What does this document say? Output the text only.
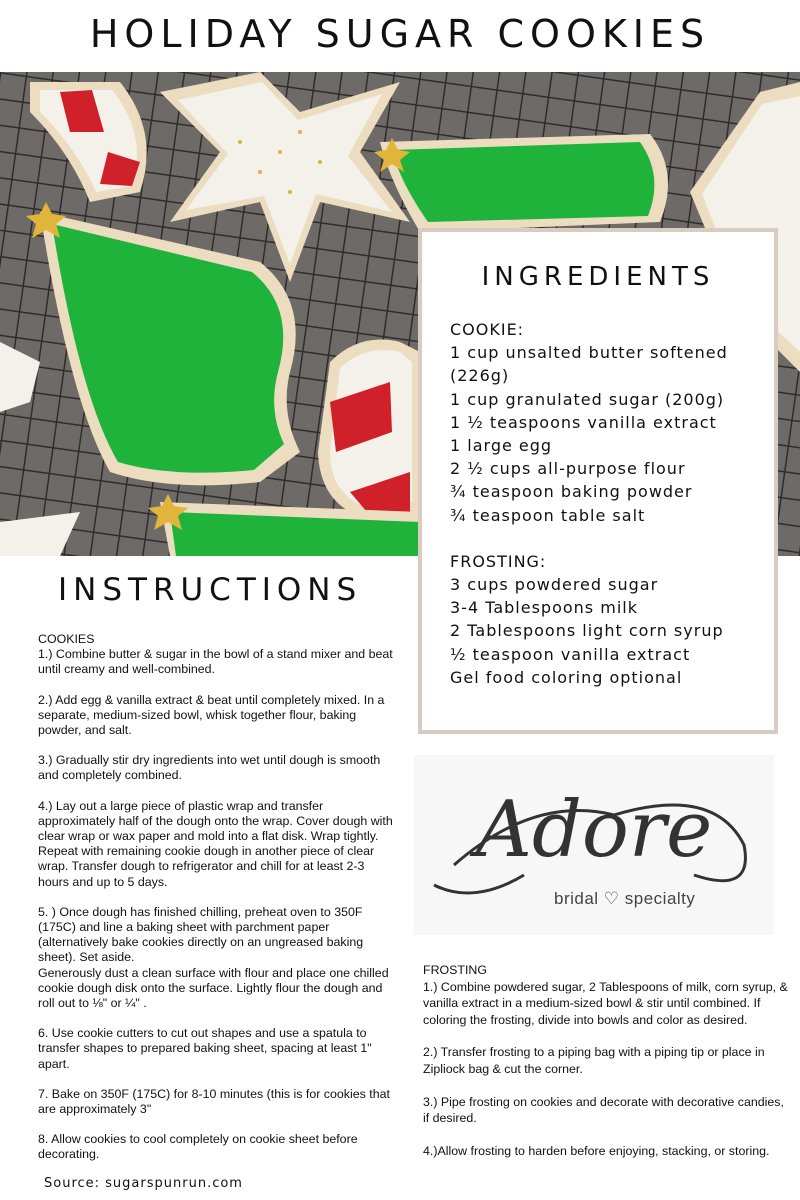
HOLIDAY SUGAR COOKIES
INGREDIENTS
COOKIE:
1 cup unsalted butter softened (226g)
1 cup granulated sugar (200g)
1 ½ teaspoons vanilla extract
1 large egg
2 ½ cups all-purpose flour
¾ teaspoon baking powder
¾ teaspoon table salt
FROSTING:
3 cups powdered sugar
3-4 Tablespoons milk
2 Tablespoons light corn syrup
½ teaspoon vanilla extract
Gel food coloring optional
INSTRUCTIONS
COOKIES

1.) Combine butter & sugar in the bowl of a stand mixer and beat until creamy and well-combined.

2.) Add egg & vanilla extract & beat until completely mixed. In a separate, medium-sized bowl, whisk together flour, baking powder, and salt.

3.) Gradually stir dry ingredients into wet until dough is smooth and completely combined.

4.) Lay out a large piece of plastic wrap and transfer approximately half of the dough onto the wrap. Cover dough with clear wrap or wax paper and mold into a flat disk. Wrap tightly. Repeat with remaining cookie dough in another piece of clear wrap. Transfer dough to refrigerator and chill for at least 2-3 hours and up to 5 days.

5. ) Once dough has finished chilling, preheat oven to 350F (175C) and line a baking sheet with parchment paper (alternatively bake cookies directly on an ungreased baking sheet). Set aside.

Generously dust a clean surface with flour and place one chilled cookie dough disk onto the surface. Lightly flour the dough and roll out to ⅛" or ¼" .

6. Use cookie cutters to cut out shapes and use a spatula to transfer shapes to prepared baking sheet, spacing at least 1" apart.

7. Bake on 350F (175C) for 8-10 minutes (this is for cookies that are approximately 3"

8. Allow cookies to cool completely on cookie sheet before decorating.

Adore
bridal ♡ specialty
FROSTING

1.) Combine powdered sugar, 2 Tablespoons of milk, corn syrup, & vanilla extract in a medium-sized bowl & stir until combined. If coloring the frosting, divide into bowls and color as desired.

2.) Transfer frosting to a piping bag with a piping tip or place in Zipliock bag & cut the corner.

3.) Pipe frosting on cookies and decorate with decorative candies, if desired.

4.)Allow frosting to harden before enjoying, stacking, or storing.

Source: sugarspunrun.com
